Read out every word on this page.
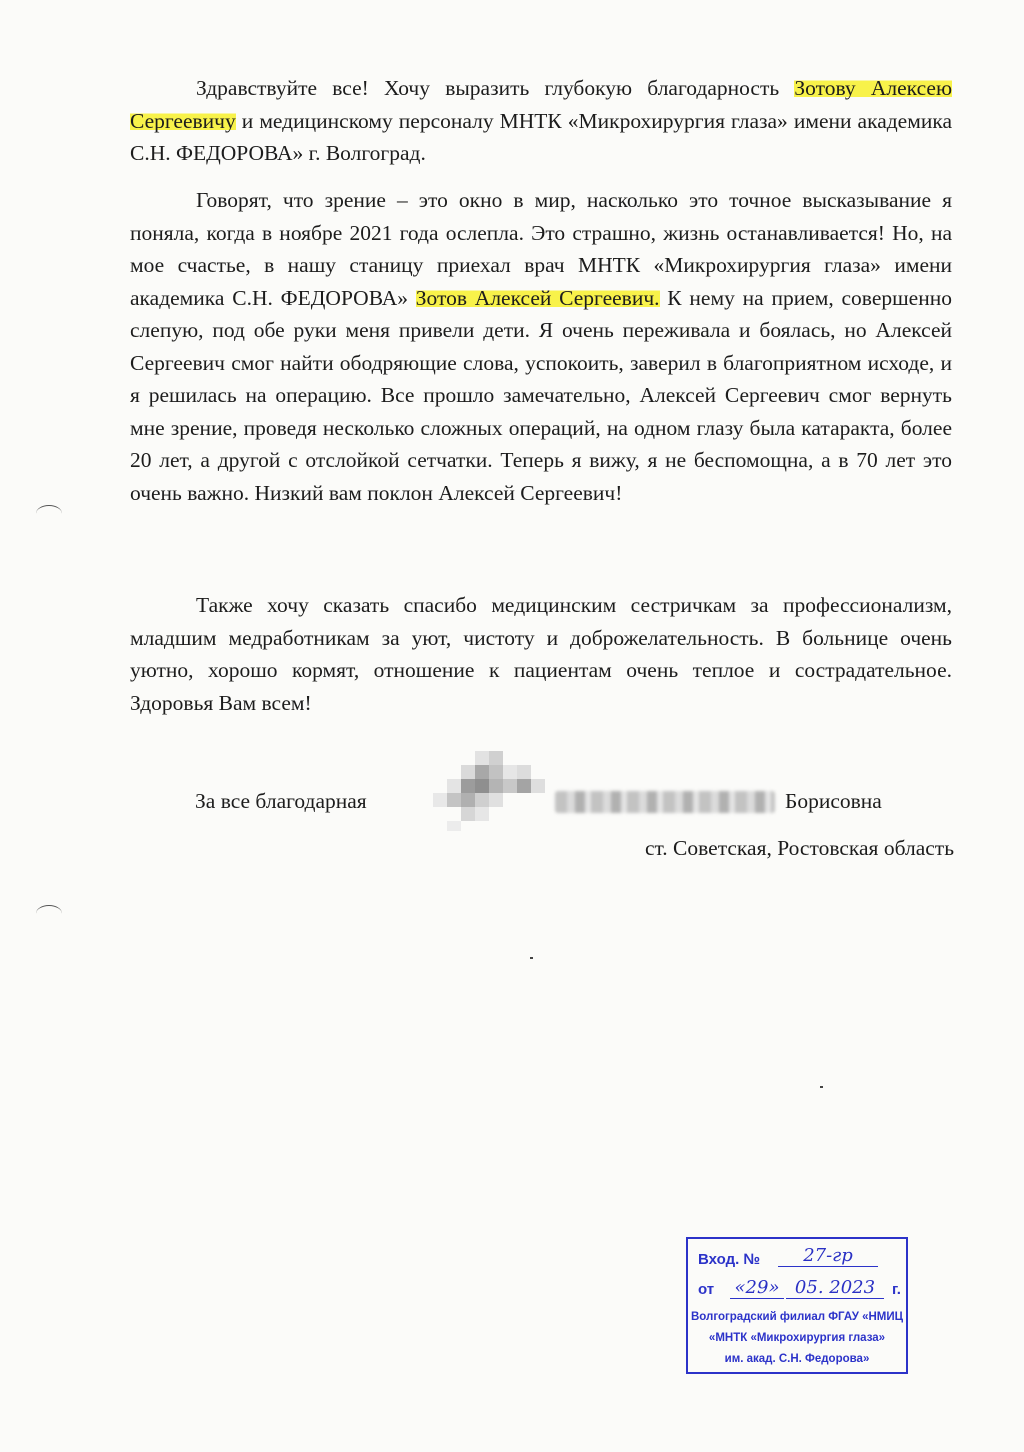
Здравствуйте все! Хочу выразить глубокую благодарность Зотову Алексею Сергеевичу и медицинскому персоналу МНТК «Микрохирургия глаза» имени академика С.Н. ФЕДОРОВА» г. Волгоград.

Говорят, что зрение – это окно в мир, насколько это точное высказывание я поняла, когда в ноябре 2021 года ослепла. Это страшно, жизнь останавливается! Но, на мое счастье, в нашу станицу приехал врач МНТК «Микрохирургия глаза» имени академика С.Н. ФЕДОРОВА» Зотов Алексей Сергеевич. К нему на прием, совершенно слепую, под обе руки меня привели дети. Я очень переживала и боялась, но Алексей Сергеевич смог найти ободряющие слова, успокоить, заверил в благоприятном исходе, и я решилась на операцию. Все прошло замечательно, Алексей Сергеевич смог вернуть мне зрение, проведя несколько сложных операций, на одном глазу была катаракта, более 20 лет, а другой с отслойкой сетчатки. Теперь я вижу, я не беспомощна, а в 70 лет это очень важно. Низкий вам поклон Алексей Сергеевич!

Также хочу сказать спасибо медицинским сестричкам за профессионализм, младшим медработникам за уют, чистоту и доброжелательность. В больнице очень уютно, хорошо кормят, отношение к пациентам очень теплое и сострадательное. Здоровья Вам всем!

За все благодарная	Борисовна
ст. Советская, Ростовская область
Вход. №	27-гр
от «29» 05. 2023	г.
Волгоградский филиал ФГАУ «НМИЦ
«МНТК «Микрохирургия глаза»
им. акад. С.Н. Федорова»
